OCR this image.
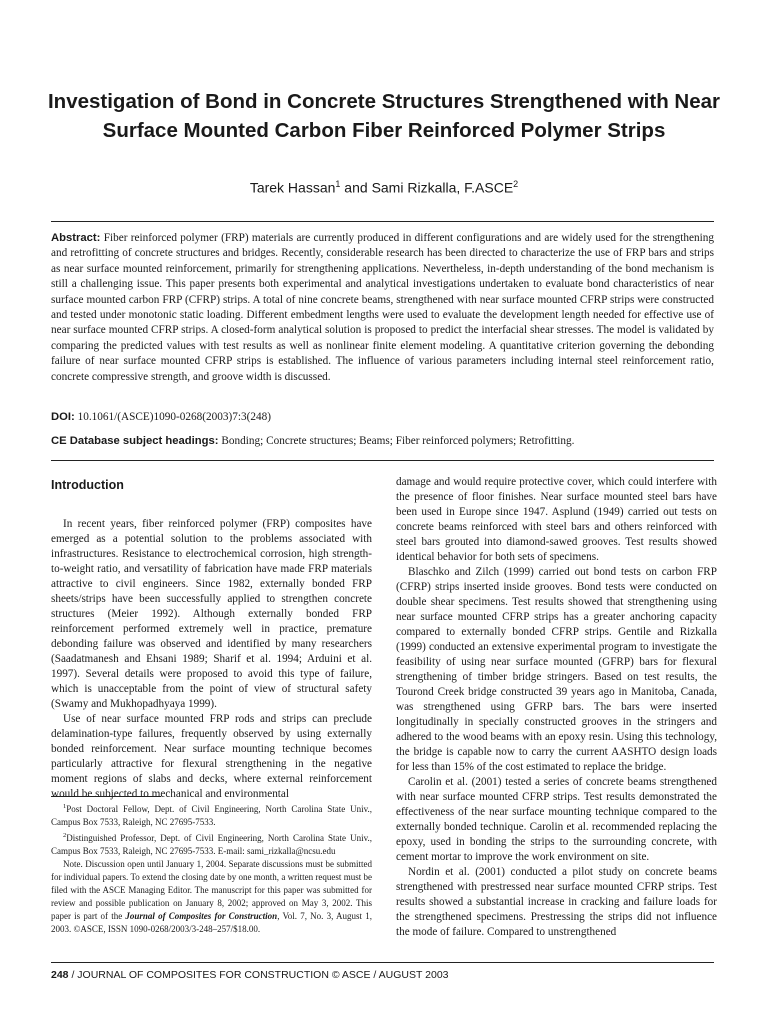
Investigation of Bond in Concrete Structures Strengthened with Near Surface Mounted Carbon Fiber Reinforced Polymer Strips
Tarek Hassan$^1$ and Sami Rizkalla, F.ASCE$^2$

Abstract: Fiber reinforced polymer (FRP) materials are currently produced in different configurations and are widely used for the strengthening and retrofitting of concrete structures and bridges. Recently, considerable research has been directed to characterize the use of FRP bars and strips as near surface mounted reinforcement, primarily for strengthening applications. Nevertheless, in-depth understanding of the bond mechanism is still a challenging issue. This paper presents both experimental and analytical investigations undertaken to evaluate bond characteristics of near surface mounted carbon FRP (CFRP) strips. A total of nine concrete beams, strengthened with near surface mounted CFRP strips were constructed and tested under monotonic static loading. Different embedment lengths were used to evaluate the development length needed for effective use of near surface mounted CFRP strips. A closed-form analytical solution is proposed to predict the interfacial shear stresses. The model is validated by comparing the predicted values with test results as well as nonlinear finite element modeling. A quantitative criterion governing the debonding failure of near surface mounted CFRP strips is established. The influence of various parameters including internal steel reinforcement ratio, concrete compressive strength, and groove width is discussed.

DOI: 10.1061/(ASCE)1090-0268(2003)7:3(248)
CE Database subject headings: Bonding; Concrete structures; Beams; Fiber reinforced polymers; Retrofitting.
Introduction

In recent years, fiber reinforced polymer (FRP) composites have emerged as a potential solution to the problems associated with infrastructures. Resistance to electrochemical corrosion, high strength-to-weight ratio, and versatility of fabrication have made FRP materials attractive to civil engineers. Since 1982, externally bonded FRP sheets/strips have been successfully applied to strengthen concrete structures (Meier 1992). Although externally bonded FRP reinforcement performed extremely well in practice, premature debonding failure was observed and identified by many researchers (Saadatmanesh and Ehsani 1989; Sharif et al. 1994; Arduini et al. 1997). Several details were proposed to avoid this type of failure, which is unacceptable from the point of view of structural safety (Swamy and Mukhopadhyaya 1999).

Use of near surface mounted FRP rods and strips can preclude delamination-type failures, frequently observed by using externally bonded reinforcement. Near surface mounting technique becomes particularly attractive for flexural strengthening in the negative moment regions of slabs and decks, where external reinforcement would be subjected to mechanical and environmental

$^1$Post Doctoral Fellow, Dept. of Civil Engineering, North Carolina State Univ., Campus Box 7533, Raleigh, NC 27695-7533.

$^2$Distinguished Professor, Dept. of Civil Engineering, North Carolina State Univ., Campus Box 7533, Raleigh, NC 27695-7533. E-mail: sami_rizkalla@ncsu.edu

Note. Discussion open until January 1, 2004. Separate discussions must be submitted for individual papers. To extend the closing date by one month, a written request must be filed with the ASCE Managing Editor. The manuscript for this paper was submitted for review and possible publication on January 8, 2002; approved on May 3, 2002. This paper is part of the Journal of Composites for Construction, Vol. 7, No. 3, August 1, 2003. ©ASCE, ISSN 1090-0268/2003/3-248–257/$18.00.

damage and would require protective cover, which could interfere with the presence of floor finishes. Near surface mounted steel bars have been used in Europe since 1947. Asplund (1949) carried out tests on concrete beams reinforced with steel bars and others reinforced with steel bars grouted into diamond-sawed grooves. Test results showed identical behavior for both sets of specimens.

Blaschko and Zilch (1999) carried out bond tests on carbon FRP (CFRP) strips inserted inside grooves. Bond tests were conducted on double shear specimens. Test results showed that strengthening using near surface mounted CFRP strips has a greater anchoring capacity compared to externally bonded CFRP strips. Gentile and Rizkalla (1999) conducted an extensive experimental program to investigate the feasibility of using near surface mounted (GFRP) bars for flexural strengthening of timber bridge stringers. Based on test results, the Tourond Creek bridge constructed 39 years ago in Manitoba, Canada, was strengthened using GFRP bars. The bars were inserted longitudinally in specially constructed grooves in the stringers and adhered to the wood beams with an epoxy resin. Using this technology, the bridge is capable now to carry the current AASHTO design loads for less than 15% of the cost estimated to replace the bridge.

Carolin et al. (2001) tested a series of concrete beams strengthened with near surface mounted CFRP strips. Test results demonstrated the effectiveness of the near surface mounting technique compared to the externally bonded technique. Carolin et al. recommended replacing the epoxy, used in bonding the strips to the surrounding concrete, with cement mortar to improve the work environment on site.

Nordin et al. (2001) conducted a pilot study on concrete beams strengthened with prestressed near surface mounted CFRP strips. Test results showed a substantial increase in cracking and failure loads for the strengthened specimens. Prestressing the strips did not influence the mode of failure. Compared to unstrengthened

248 / JOURNAL OF COMPOSITES FOR CONSTRUCTION © ASCE / AUGUST 2003
